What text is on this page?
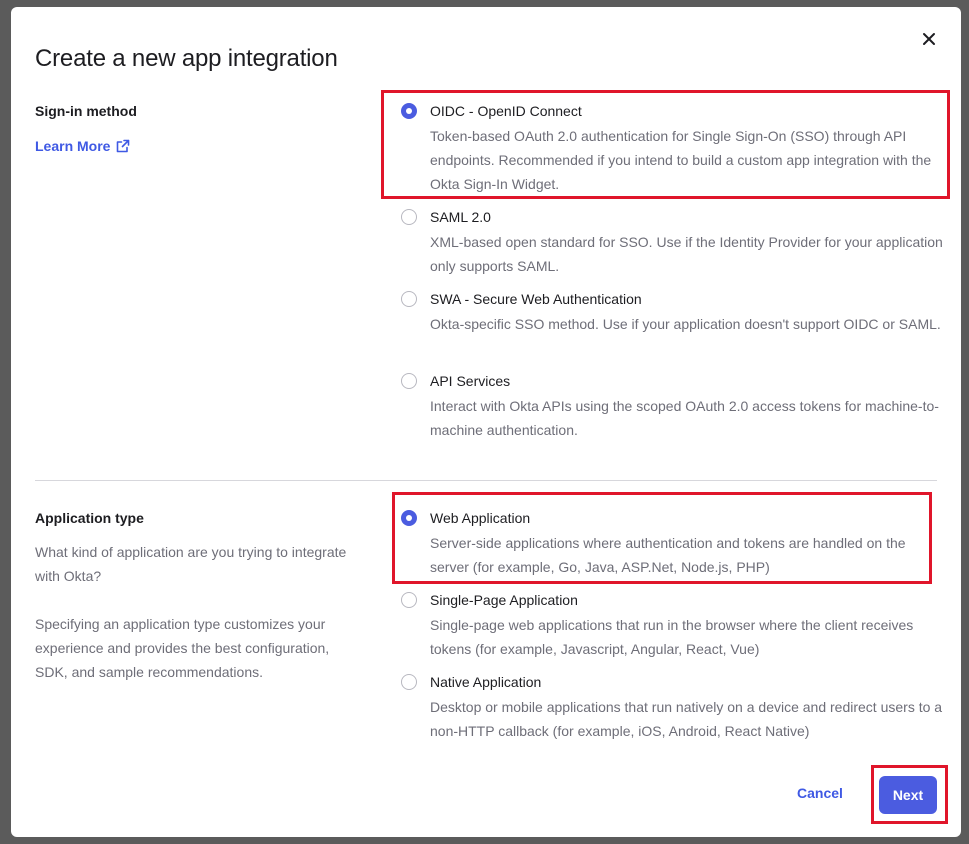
Create a new app integration
Sign-in method
Learn More
OIDC - OpenID Connect
Token-based OAuth 2.0 authentication for Single Sign-On (SSO) through API endpoints. Recommended if you intend to build a custom app integration with the Okta Sign-In Widget.
SAML 2.0
XML-based open standard for SSO. Use if the Identity Provider for your application only supports SAML.
SWA - Secure Web Authentication
Okta-specific SSO method. Use if your application doesn't support OIDC or SAML.
API Services
Interact with Okta APIs using the scoped OAuth 2.0 access tokens for machine-to-machine authentication.
Application type
What kind of application are you trying to integrate with Okta?
Specifying an application type customizes your experience and provides the best configuration, SDK, and sample recommendations.
Web Application
Server-side applications where authentication and tokens are handled on the server (for example, Go, Java, ASP.Net, Node.js, PHP)
Single-Page Application
Single-page web applications that run in the browser where the client receives tokens (for example, Javascript, Angular, React, Vue)
Native Application
Desktop or mobile applications that run natively on a device and redirect users to a non-HTTP callback (for example, iOS, Android, React Native)
Cancel	Next
